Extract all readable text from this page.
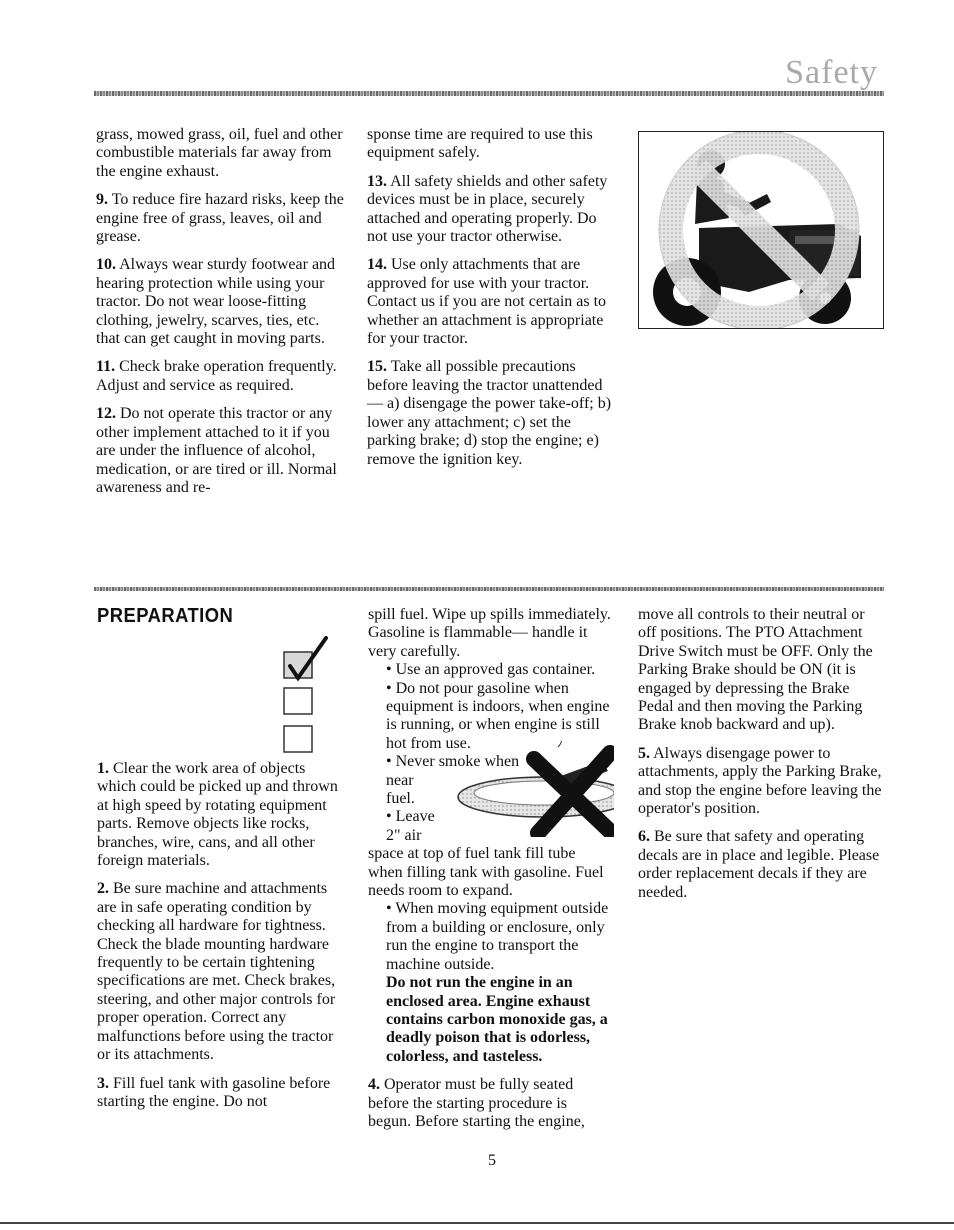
Safety

grass, mowed grass, oil, fuel and other combustible materials far away from the engine exhaust.

9. To reduce fire hazard risks, keep the engine free of grass, leaves, oil and grease.

10. Always wear sturdy footwear and hearing protection while using your tractor. Do not wear loose-fitting clothing, jewelry, scarves, ties, etc. that can get caught in moving parts.

11. Check brake operation frequently. Adjust and service as required.

12. Do not operate this tractor or any other implement attached to it if you are under the influence of alcohol, medication, or are tired or ill. Normal awareness and re-

sponse time are required to use this equipment safely.

13. All safety shields and other safety devices must be in place, securely attached and operating properly. Do not use your tractor otherwise.

14. Use only attachments that are approved for use with your tractor. Contact us if you are not certain as to whether an attachment is appropriate for your tractor.

15. Take all possible precautions before leaving the tractor unattended— a) disengage the power take-off; b) lower any attachment; c) set the parking brake; d) stop the engine; e) remove the ignition key.

PREPARATION

1. Clear the work area of objects which could be picked up and thrown at high speed by rotating equipment parts. Remove objects like rocks, branches, wire, cans, and all other foreign materials.

2. Be sure machine and attachments are in safe operating condition by checking all hardware for tightness. Check the blade mounting hardware frequently to be certain tightening specifications are met. Check brakes, steering, and other major controls for proper operation. Correct any malfunctions before using the tractor or its attachments.

3. Fill fuel tank with gasoline before starting the engine. Do not

spill fuel. Wipe up spills immediately. Gasoline is flammable— handle it very carefully.
• Use an approved gas container.
• Do not pour gasoline when equipment is indoors, when engine is running, or when engine is still hot from use.
• Never smoke when
near
fuel.
• Leave
2" air
space at top of fuel tank fill tube when filling tank with gasoline. Fuel needs room to expand.
• When moving equipment outside from a building or enclosure, only run the engine to transport the machine outside.

Do not run the engine in an enclosed area. Engine exhaust contains carbon monoxide gas, a deadly poison that is odorless, colorless, and tasteless.

4. Operator must be fully seated before the starting procedure is begun. Before starting the engine,

move all controls to their neutral or off positions. The PTO Attachment Drive Switch must be OFF. Only the Parking Brake should be ON (it is engaged by depressing the Brake Pedal and then moving the Parking Brake knob backward and up).

5. Always disengage power to attachments, apply the Parking Brake, and stop the engine before leaving the operator's position.

6. Be sure that safety and operating decals are in place and legible. Please order replacement decals if they are needed.

5
